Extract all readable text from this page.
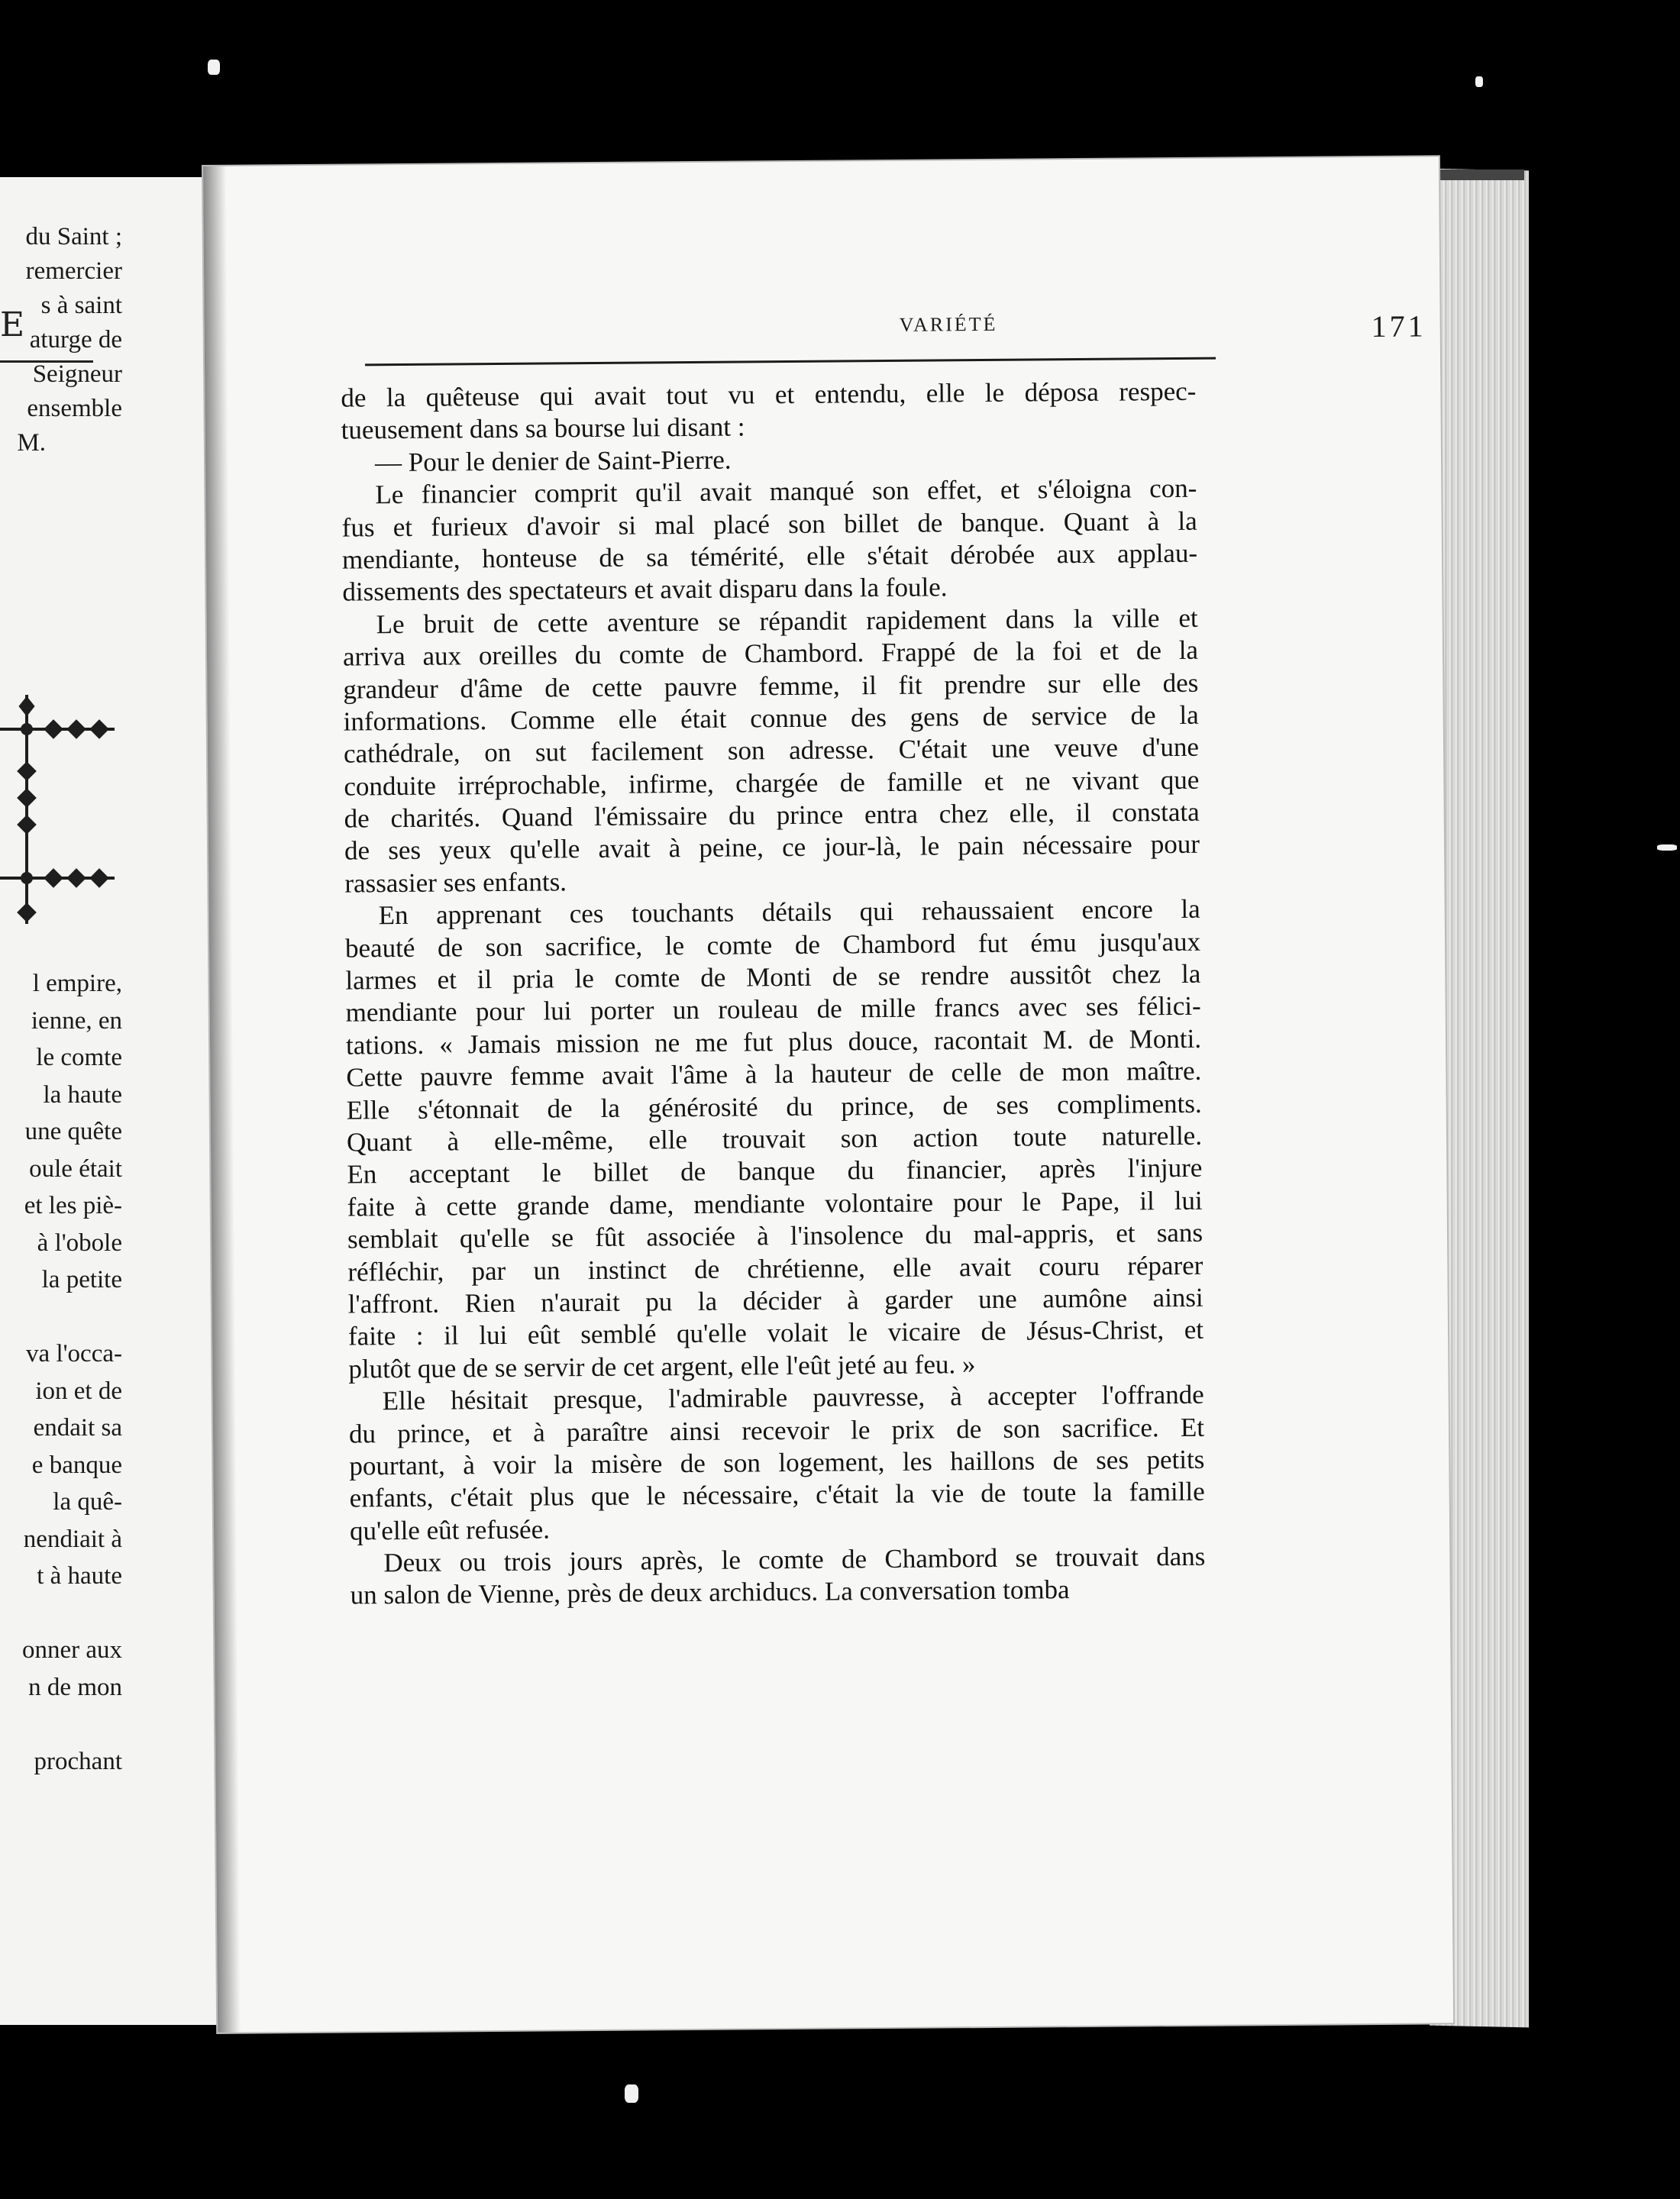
E
du Saint ;
remercier
s à saint
aturge de
Seigneur
ensemble
M.
l empire,
ienne, en
le comte
la haute
une quête
oule était
et les piè-
à l'obole
la petite
va l'occa-
ion et de
endait sa
e banque
la quê-
nendiait à
t à haute
onner aux
n de mon
prochant
VARIÉTÉ	171
de la quêteuse qui avait tout vu et entendu, elle le déposa respec-
tueusement dans sa bourse lui disant :
— Pour le denier de Saint-Pierre.
Le financier comprit qu'il avait manqué son effet, et s'éloigna con-
fus et furieux d'avoir si mal placé son billet de banque. Quant à la
mendiante, honteuse de sa témérité, elle s'était dérobée aux applau-
dissements des spectateurs et avait disparu dans la foule.
Le bruit de cette aventure se répandit rapidement dans la ville et
arriva aux oreilles du comte de Chambord. Frappé de la foi et de la
grandeur d'âme de cette pauvre femme, il fit prendre sur elle des
informations. Comme elle était connue des gens de service de la
cathédrale, on sut facilement son adresse. C'était une veuve d'une
conduite irréprochable, infirme, chargée de famille et ne vivant que
de charités. Quand l'émissaire du prince entra chez elle, il constata
de ses yeux qu'elle avait à peine, ce jour-là, le pain nécessaire pour
rassasier ses enfants.
En apprenant ces touchants détails qui rehaussaient encore la
beauté de son sacrifice, le comte de Chambord fut ému jusqu'aux
larmes et il pria le comte de Monti de se rendre aussitôt chez la
mendiante pour lui porter un rouleau de mille francs avec ses félici-
tations. « Jamais mission ne me fut plus douce, racontait M. de Monti.
Cette pauvre femme avait l'âme à la hauteur de celle de mon maître.
Elle s'étonnait de la générosité du prince, de ses compliments.
Quant à elle-même, elle trouvait son action toute naturelle.
En acceptant le billet de banque du financier, après l'injure
faite à cette grande dame, mendiante volontaire pour le Pape, il lui
semblait qu'elle se fût associée à l'insolence du mal-appris, et sans
réfléchir, par un instinct de chrétienne, elle avait couru réparer
l'affront. Rien n'aurait pu la décider à garder une aumône ainsi
faite : il lui eût semblé qu'elle volait le vicaire de Jésus-Christ, et
plutôt que de se servir de cet argent, elle l'eût jeté au feu. »
Elle hésitait presque, l'admirable pauvresse, à accepter l'offrande
du prince, et à paraître ainsi recevoir le prix de son sacrifice. Et
pourtant, à voir la misère de son logement, les haillons de ses petits
enfants, c'était plus que le nécessaire, c'était la vie de toute la famille
qu'elle eût refusée.
Deux ou trois jours après, le comte de Chambord se trouvait dans
un salon de Vienne, près de deux archiducs. La conversation tomba
